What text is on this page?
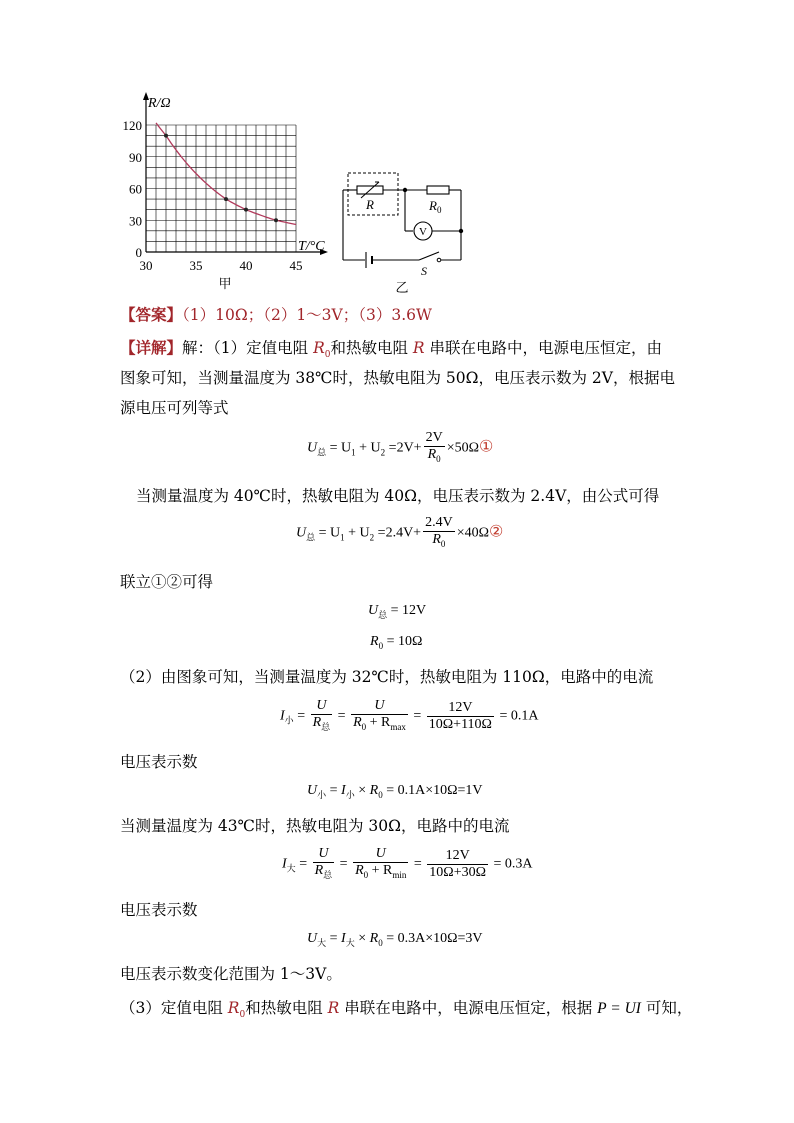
R/Ω
T/°C
120
90
60
30
0
30	35	40	45
甲
R	$R_0$
V
S
乙
【答案】（1）10Ω；（2）1～3V；（3）3.6W
【详解】解：（1）定值电阻 $R_0$和热敏电阻 R 串联在电路中，电源电压恒定，由
图象可知，当测量温度为 38℃时，热敏电阻为 50Ω，电压表示数为 2V，根据电
源电压可列等式
$U_总 = U_1 + U_2 =2V+ \frac{2V}{R_0}$ ×50Ω①
当测量温度为 40℃时，热敏电阻为 40Ω，电压表示数为 2.4V，由公式可得
$U_总 = U_1 + U_2 =2.4V+ \frac{2.4V}{R_0}$ ×40Ω②
联立①②可得
$U_总 = 12V$
$R_0 = 10\Omega$
（2）由图象可知，当测量温度为 32℃时，热敏电阻为 110Ω，电路中的电流
$I_小 = \frac{U}{R_总} = \frac{U}{R_0 + R_{max}} = \frac{12V}{10\Omega+110\Omega} = 0.1A$
电压表示数
$U_小 = I_小 \times R_0 = 0.1A\times 10\Omega=1V$
当测量温度为 43℃时，热敏电阻为 30Ω，电路中的电流
$I_大 = \frac{U}{R_总} = \frac{U}{R_0 + R_{min}} = \frac{12V}{10\Omega+30\Omega} = 0.3A$
电压表示数
$U_大 = I_大 \times R_0 = 0.3A\times 10\Omega=3V$
电压表示数变化范围为 1～3V。
（3）定值电阻 $R_0$和热敏电阻 R 串联在电路中，电源电压恒定，根据 P = UI 可知，
